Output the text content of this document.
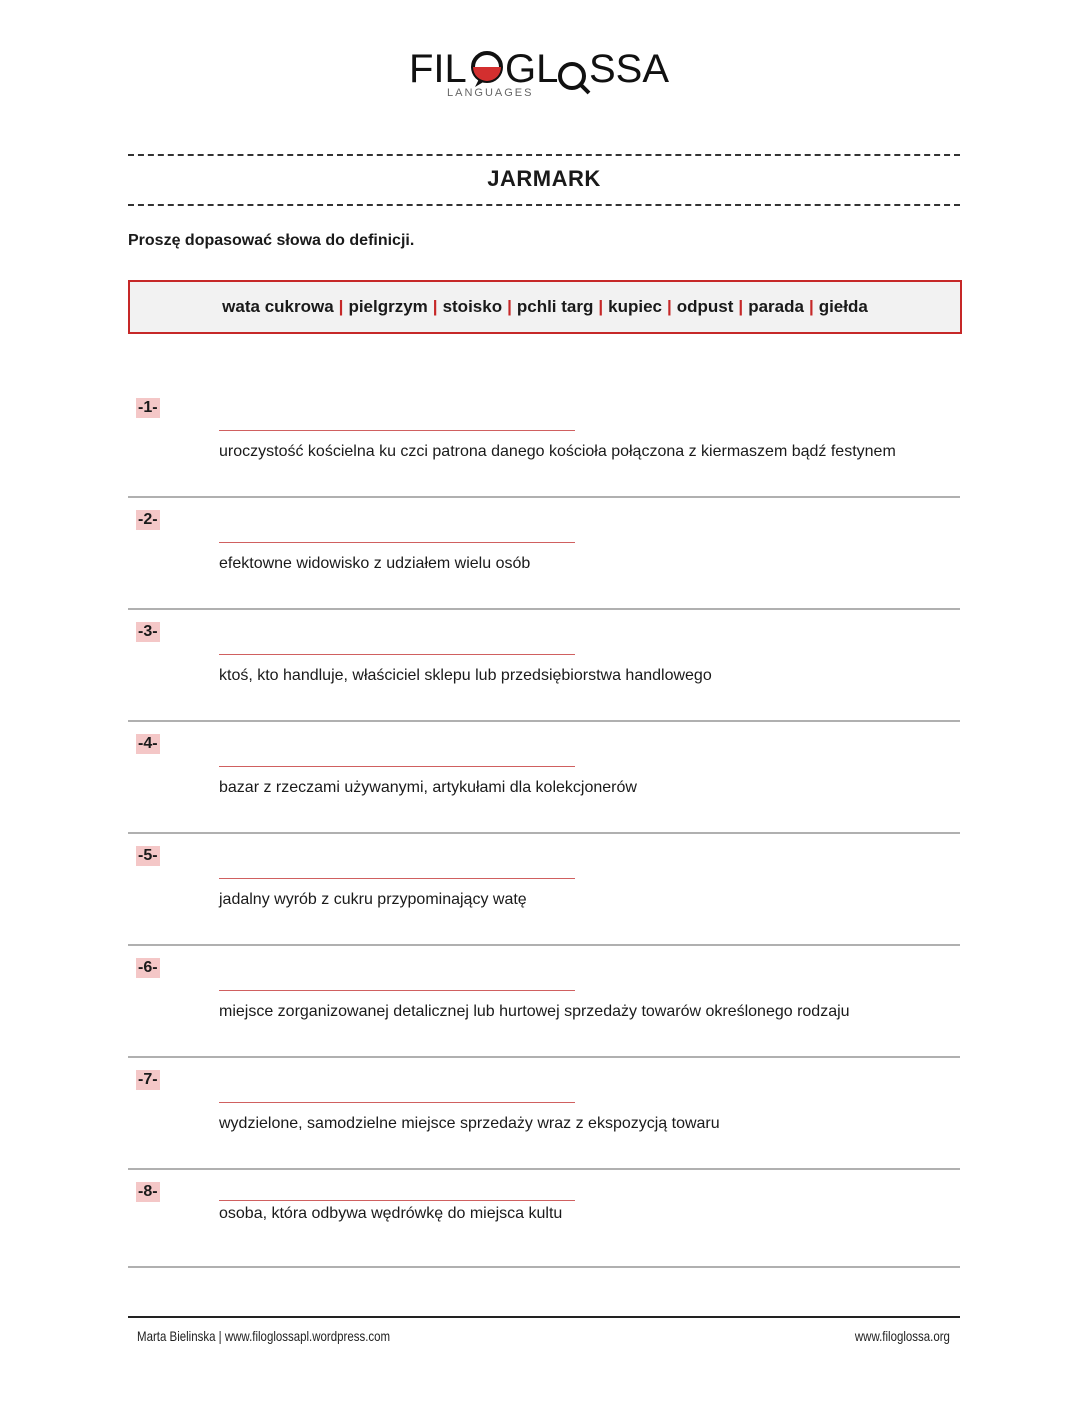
FIL GL SSA
LANGUAGES
JARMARK
Proszę dopasować słowa do definicji.
wata cukrowa | pielgrzym | stoisko | pchli targ | kupiec | odpust | parada | giełda
-1-
uroczystość kościelna ku czci patrona danego kościoła połączona z kiermaszem bądź festynem
-2-
efektowne widowisko z udziałem wielu osób
-3-
ktoś, kto handluje, właściciel sklepu lub przedsiębiorstwa handlowego
-4-
bazar z rzeczami używanymi, artykułami dla kolekcjonerów
-5-
jadalny wyrób z cukru przypominający watę
-6-
miejsce zorganizowanej detalicznej lub hurtowej sprzedaży towarów określonego rodzaju
-7-
wydzielone, samodzielne miejsce sprzedaży wraz z ekspozycją towaru
-8-
osoba, która odbywa wędrówkę do miejsca kultu
Marta Bielinska | www.filoglossapl.wordpress.com	www.filoglossa.org
